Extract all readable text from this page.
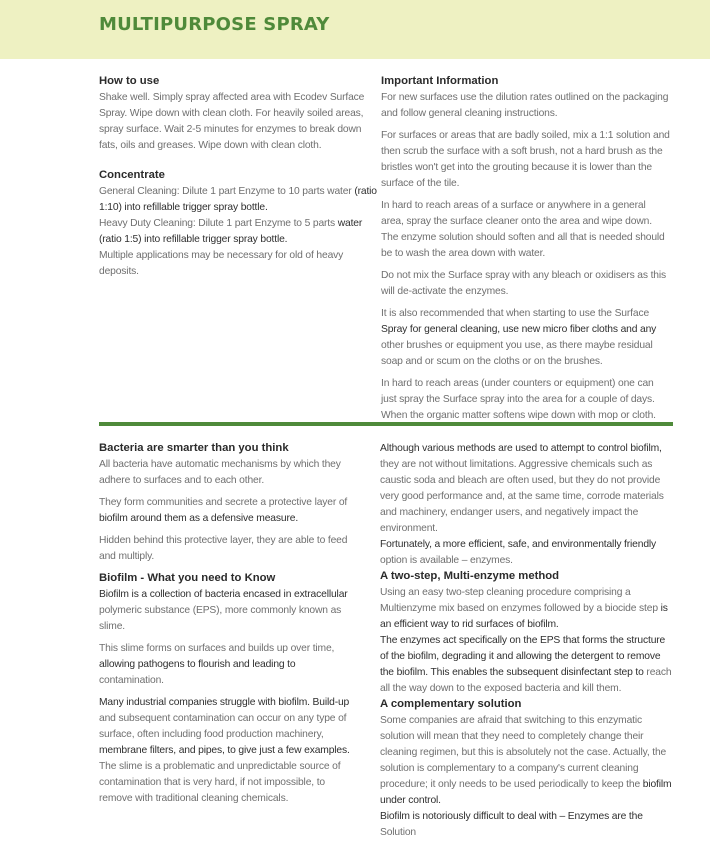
MULTIPURPOSE SPRAY
How to use

Shake well. Simply spray affected area with Ecodev Surface Spray. Wipe down with clean cloth. For heavily soiled areas, spray surface. Wait 2-5 minutes for enzymes to break down fats, oils and greases. Wipe down with clean cloth.

Concentrate

General Cleaning: Dilute 1 part Enzyme to 10 parts water (ratio 1:10) into refillable trigger spray bottle.

Heavy Duty Cleaning: Dilute 1 part Enzyme to 5 parts water (ratio 1:5) into refillable trigger spray bottle.

Multiple applications may be necessary for old of heavy deposits.

Important Information

For new surfaces use the dilution rates outlined on the packaging and follow general cleaning instructions.

For surfaces or areas that are badly soiled, mix a 1:1 solution and then scrub the surface with a soft brush, not a hard brush as the bristles won't get into the grouting because it is lower than the surface of the tile.

In hard to reach areas of a surface or anywhere in a general area, spray the surface cleaner onto the area and wipe down. The enzyme solution should soften and all that is needed should be to wash the area down with water.

Do not mix the Surface spray with any bleach or oxidisers as this will de-activate the enzymes.

It is also recommended that when starting to use the Surface Spray for general cleaning, use new micro fiber cloths and any other brushes or equipment you use, as there maybe residual soap and or scum on the cloths or on the brushes.

In hard to reach areas (under counters or equipment) one can just spray the Surface spray into the area for a couple of days. When the organic matter softens wipe down with mop or cloth.

Bacteria are smarter than you think

All bacteria have automatic mechanisms by which they adhere to surfaces and to each other.

They form communities and secrete a protective layer of biofilm around them as a defensive measure.

Hidden behind this protective layer, they are able to feed and multiply.

Biofilm - What you need to Know

Biofilm is a collection of bacteria encased in extracellular polymeric substance (EPS), more commonly known as slime.

This slime forms on surfaces and builds up over time, allowing pathogens to flourish and leading to contamination.

Many industrial companies struggle with biofilm. Build-up and subsequent contamination can occur on any type of surface, often including food production machinery, membrane filters, and pipes, to give just a few examples. The slime is a problematic and unpredictable source of contamination that is very hard, if not impossible, to remove with traditional cleaning chemicals.

Although various methods are used to attempt to control biofilm, they are not without limitations. Aggressive chemicals such as caustic soda and bleach are often used, but they do not provide very good performance and, at the same time, corrode materials and machinery, endanger users, and negatively impact the environment.

Fortunately, a more efficient, safe, and environmentally friendly option is available – enzymes.

A two-step, Multi-enzyme method

Using an easy two-step cleaning procedure comprising a Multienzyme mix based on enzymes followed by a biocide step is an efficient way to rid surfaces of biofilm.

The enzymes act specifically on the EPS that forms the structure of the biofilm, degrading it and allowing the detergent to remove the biofilm. This enables the subsequent disinfectant step to reach all the way down to the exposed bacteria and kill them.

A complementary solution

Some companies are afraid that switching to this enzymatic solution will mean that they need to completely change their cleaning regimen, but this is absolutely not the case. Actually, the solution is complementary to a company's current cleaning procedure; it only needs to be used periodically to keep the biofilm under control.

Biofilm is notoriously difficult to deal with – Enzymes are the Solution
